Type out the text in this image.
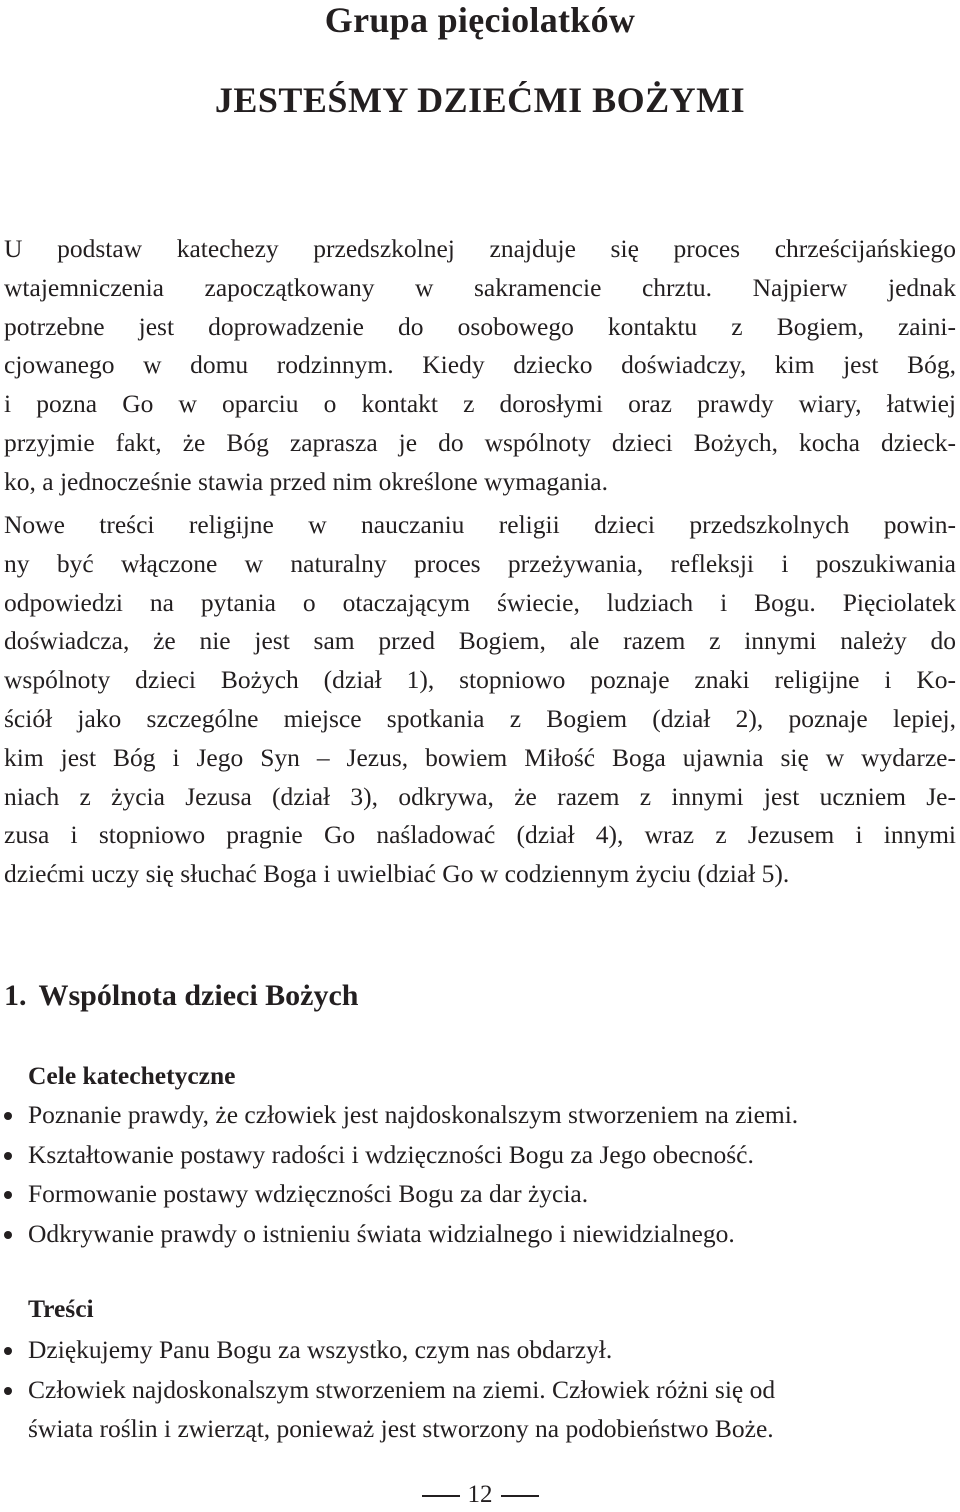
Grupa pięciolatków
JESTEŚMY DZIEĆMI BOŻYMI
U podstaw katechezy przedszkolnej znajduje się proces chrześcijańskiego
wtajemniczenia zapoczątkowany w sakramencie chrztu. Najpierw jednak
potrzebne jest doprowadzenie do osobowego kontaktu z Bogiem, zaini-
cjowanego w domu rodzinnym. Kiedy dziecko doświadczy, kim jest Bóg,
i pozna Go w oparciu o kontakt z dorosłymi oraz prawdy wiary, łatwiej
przyjmie fakt, że Bóg zaprasza je do wspólnoty dzieci Bożych, kocha dzieck-
ko, a jednocześnie stawia przed nim określone wymagania.
Nowe treści religijne w nauczaniu religii dzieci przedszkolnych powin-
ny być włączone w naturalny proces przeżywania, refleksji i poszukiwania
odpowiedzi na pytania o otaczającym świecie, ludziach i Bogu. Pięciolatek
doświadcza, że nie jest sam przed Bogiem, ale razem z innymi należy do
wspólnoty dzieci Bożych (dział 1), stopniowo poznaje znaki religijne i Ko-
ściół jako szczególne miejsce spotkania z Bogiem (dział 2), poznaje lepiej,
kim jest Bóg i Jego Syn – Jezus, bowiem Miłość Boga ujawnia się w wydarze-
niach z życia Jezusa (dział 3), odkrywa, że razem z innymi jest uczniem Je-
zusa i stopniowo pragnie Go naśladować (dział 4), wraz z Jezusem i innymi
dziećmi uczy się słuchać Boga i uwielbiać Go w codziennym życiu (dział 5).
1. Wspólnota dzieci Bożych
Cele katechetyczne
Poznanie prawdy, że człowiek jest najdoskonalszym stworzeniem na ziemi.
Kształtowanie postawy radości i wdzięczności Bogu za Jego obecność.
Formowanie postawy wdzięczności Bogu za dar życia.
Odkrywanie prawdy o istnieniu świata widzialnego i niewidzialnego.
Treści
Dziękujemy Panu Bogu za wszystko, czym nas obdarzył.
Człowiek najdoskonalszym stworzeniem na ziemi. Człowiek różni się od
świata roślin i zwierząt, ponieważ jest stworzony na podobieństwo Boże.
12
